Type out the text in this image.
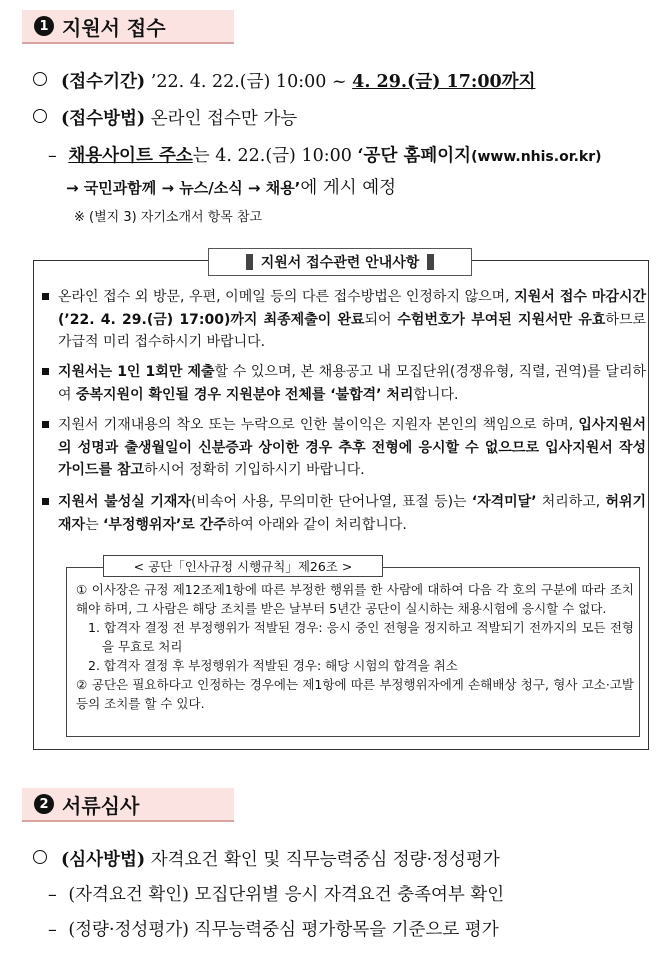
1 지원서 접수
(접수기간) ’22. 4. 22.(금) 10:00 ~ 4. 29.(금) 17:00까지
(접수방법) 온라인 접수만 가능
– 채용사이트 주소는 4. 22.(금) 10:00 ‘공단 홈페이지(www.nhis.or.kr)
→ 국민과함께 → 뉴스/소식 → 채용’에 게시 예정
※ (별지 3) 자기소개서 항목 참고
지원서 접수관련 안내사항
온라인 접수 외 방문, 우편, 이메일 등의 다른 접수방법은 인정하지 않으며, 지원서 접수 마감시간(’22. 4. 29.(금) 17:00)까지 최종제출이 완료되어 수험번호가 부여된 지원서만 유효하므로 가급적 미리 접수하시기 바랍니다.
지원서는 1인 1회만 제출할 수 있으며, 본 채용공고 내 모집단위(경쟁유형, 직렬, 권역)를 달리하여 중복지원이 확인될 경우 지원분야 전체를 ‘불합격’ 처리합니다.
지원서 기재내용의 착오 또는 누락으로 인한 불이익은 지원자 본인의 책임으로 하며, 입사지원서의 성명과 출생월일이 신분증과 상이한 경우 추후 전형에 응시할 수 없으므로 입사지원서 작성 가이드를 참고하시어 정확히 기입하시기 바랍니다.
지원서 불성실 기재자(비속어 사용, 무의미한 단어나열, 표절 등)는 ‘자격미달’ 처리하고, 허위기재자는 ‘부정행위자’로 간주하여 아래와 같이 처리합니다.
< 공단「인사규정 시행규칙」제26조 >

① 이사장은 규정 제12조제1항에 따른 부정한 행위를 한 사람에 대하여 다음 각 호의 구분에 따라 조치해야 하며, 그 사람은 해당 조치를 받은 날부터 5년간 공단이 실시하는 채용시험에 응시할 수 없다.

1. 합격자 결정 전 부정행위가 적발된 경우: 응시 중인 전형을 정지하고 적발되기 전까지의 모든 전형을 무효로 처리

2. 합격자 결정 후 부정행위가 적발된 경우: 해당 시험의 합격을 취소

② 공단은 필요하다고 인정하는 경우에는 제1항에 따른 부정행위자에게 손해배상 청구, 형사 고소·고발 등의 조치를 할 수 있다.

2 서류심사
(심사방법) 자격요건 확인 및 직무능력중심 정량·정성평가
– (자격요건 확인) 모집단위별 응시 자격요건 충족여부 확인
– (정량·정성평가) 직무능력중심 평가항목을 기준으로 평가
